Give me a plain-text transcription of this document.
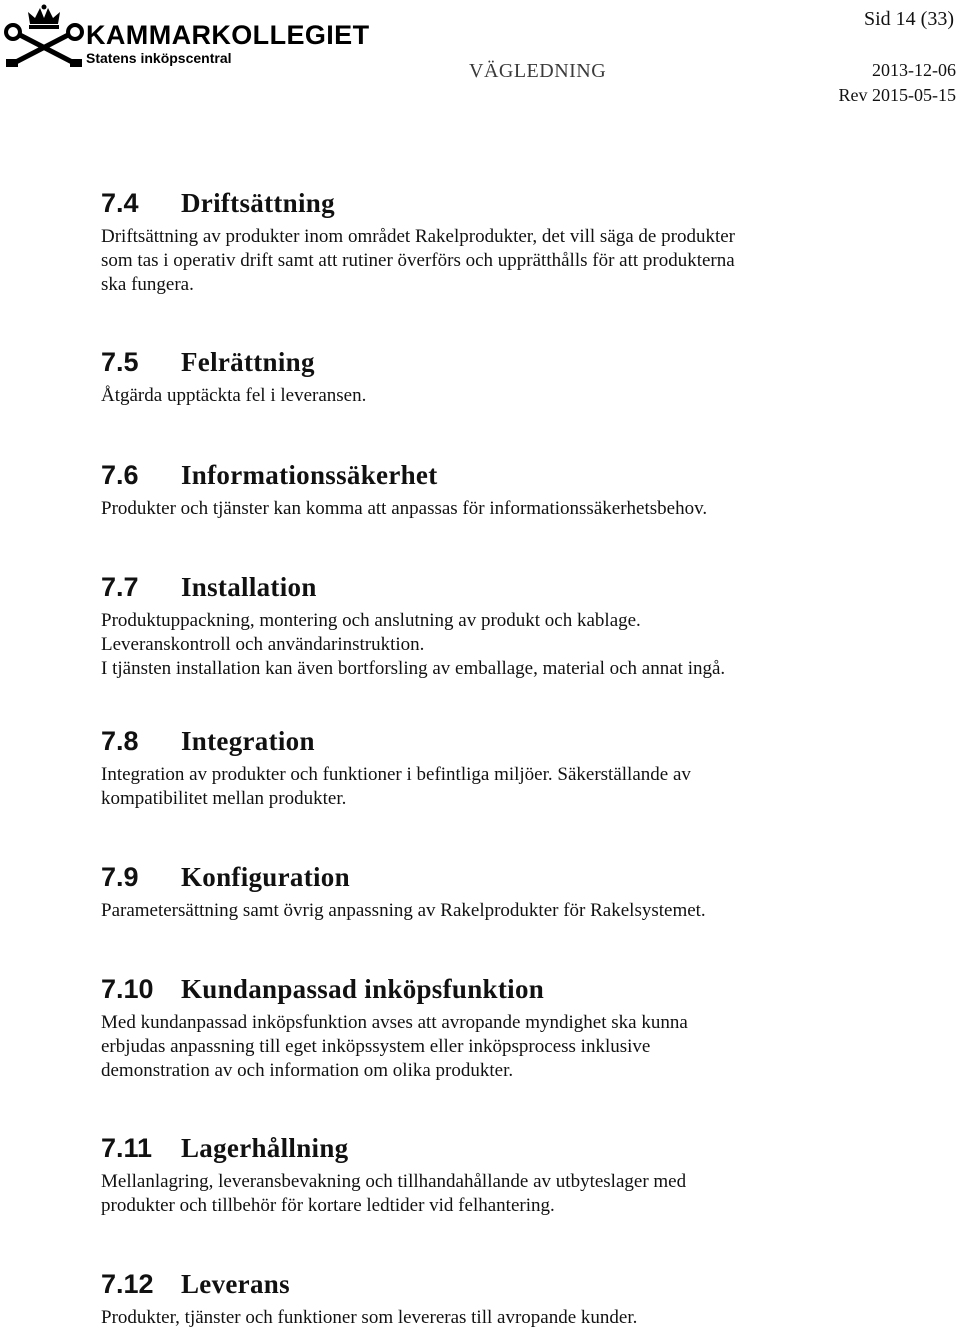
KAMMARKOLLEGIET
Statens inköpscentral
Sid 14 (33)
VÄGLEDNING	2013-12-06
Rev 2015-05-15
7.4	Driftsättning

Driftsättning av produkter inom området Rakelprodukter, det vill säga de produkter
som tas i operativ drift samt att rutiner överförs och upprätthålls för att produkterna
ska fungera.

7.5	Felrättning

Åtgärda upptäckta fel i leveransen.

7.6	Informationssäkerhet

Produkter och tjänster kan komma att anpassas för informationssäkerhetsbehov.

7.7	Installation

Produktuppackning, montering och anslutning av produkt och kablage.
Leveranskontroll och användarinstruktion.
I tjänsten installation kan även bortforsling av emballage, material och annat ingå.

7.8	Integration

Integration av produkter och funktioner i befintliga miljöer. Säkerställande av
kompatibilitet mellan produkter.

7.9	Konfiguration

Parametersättning samt övrig anpassning av Rakelprodukter för Rakelsystemet.

7.10	Kundanpassad inköpsfunktion

Med kundanpassad inköpsfunktion avses att avropande myndighet ska kunna
erbjudas anpassning till eget inköpssystem eller inköpsprocess inklusive
demonstration av och information om olika produkter.

7.11	Lagerhållning

Mellanlagring, leveransbevakning och tillhandahållande av utbyteslager med
produkter och tillbehör för kortare ledtider vid felhantering.

7.12	Leverans

Produkter, tjänster och funktioner som levereras till avropande kunder.
